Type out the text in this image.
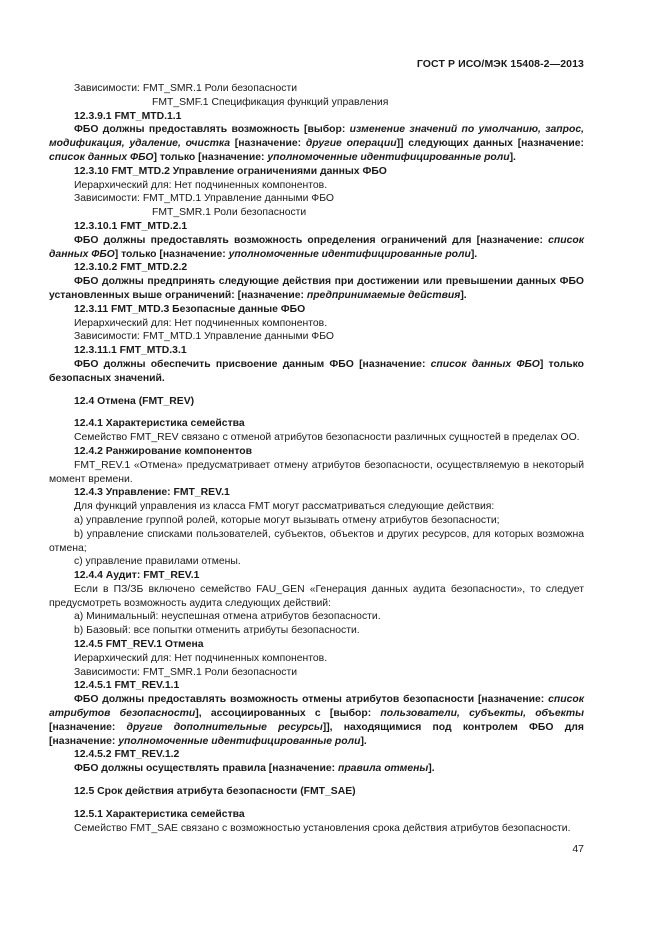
ГОСТ Р ИСО/МЭК 15408-2—2013

Зависимости: FMT_SMR.1 Роли безопасности

FMT_SMF.1 Спецификация функций управления

12.3.9.1 FMT_MTD.1.1

ФБО должны предоставлять возможность [выбор: изменение значений по умолчанию, запрос, модификация, удаление, очистка [назначение: другие операции]] следующих данных [назначение: список данных ФБО] только [назначение: уполномоченные идентифицированные роли].

12.3.10 FMT_MTD.2 Управление ограничениями данных ФБО

Иерархический для: Нет подчиненных компонентов.

Зависимости: FMT_MTD.1 Управление данными ФБО

FMT_SMR.1 Роли безопасности

12.3.10.1 FMT_MTD.2.1

ФБО должны предоставлять возможность определения ограничений для [назначение: список данных ФБО] только [назначение: уполномоченные идентифицированные роли].

12.3.10.2 FMT_MTD.2.2

ФБО должны предпринять следующие действия при достижении или превышении данных ФБО установленных выше ограничений: [назначение: предпринимаемые действия].

12.3.11 FMT_MTD.3 Безопасные данные ФБО

Иерархический для: Нет подчиненных компонентов.

Зависимости: FMT_MTD.1 Управление данными ФБО

12.3.11.1 FMT_MTD.3.1

ФБО должны обеспечить присвоение данным ФБО [назначение: список данных ФБО] только безопасных значений.

12.4 Отмена (FMT_REV)

12.4.1 Характеристика семейства

Семейство FMT_REV связано с отменой атрибутов безопасности различных сущностей в пределах ОО.

12.4.2 Ранжирование компонентов

FMT_REV.1 «Отмена» предусматривает отмену атрибутов безопасности, осуществляемую в некоторый момент времени.

12.4.3 Управление: FMT_REV.1

Для функций управления из класса FMT могут рассматриваться следующие действия:

a) управление группой ролей, которые могут вызывать отмену атрибутов безопасности;

b) управление списками пользователей, субъектов, объектов и других ресурсов, для которых возможна отмена;

c) управление правилами отмены.

12.4.4 Аудит: FMT_REV.1

Если в ПЗ/ЗБ включено семейство FAU_GEN «Генерация данных аудита безопасности», то следует предусмотреть возможность аудита следующих действий:

a) Минимальный: неуспешная отмена атрибутов безопасности.

b) Базовый: все попытки отменить атрибуты безопасности.

12.4.5 FMT_REV.1 Отмена

Иерархический для: Нет подчиненных компонентов.

Зависимости: FMT_SMR.1 Роли безопасности

12.4.5.1 FMT_REV.1.1

ФБО должны предоставлять возможность отмены атрибутов безопасности [назначение: список атрибутов безопасности], ассоциированных с [выбор: пользователи, субъекты, объекты [назначение: другие дополнительные ресурсы]], находящимися под контролем ФБО для [назначение: уполномоченные идентифицированные роли].

12.4.5.2 FMT_REV.1.2

ФБО должны осуществлять правила [назначение: правила отмены].

12.5 Срок действия атрибута безопасности (FMT_SAE)

12.5.1 Характеристика семейства

Семейство FMT_SAE связано с возможностью установления срока действия атрибутов безопасности.

47
